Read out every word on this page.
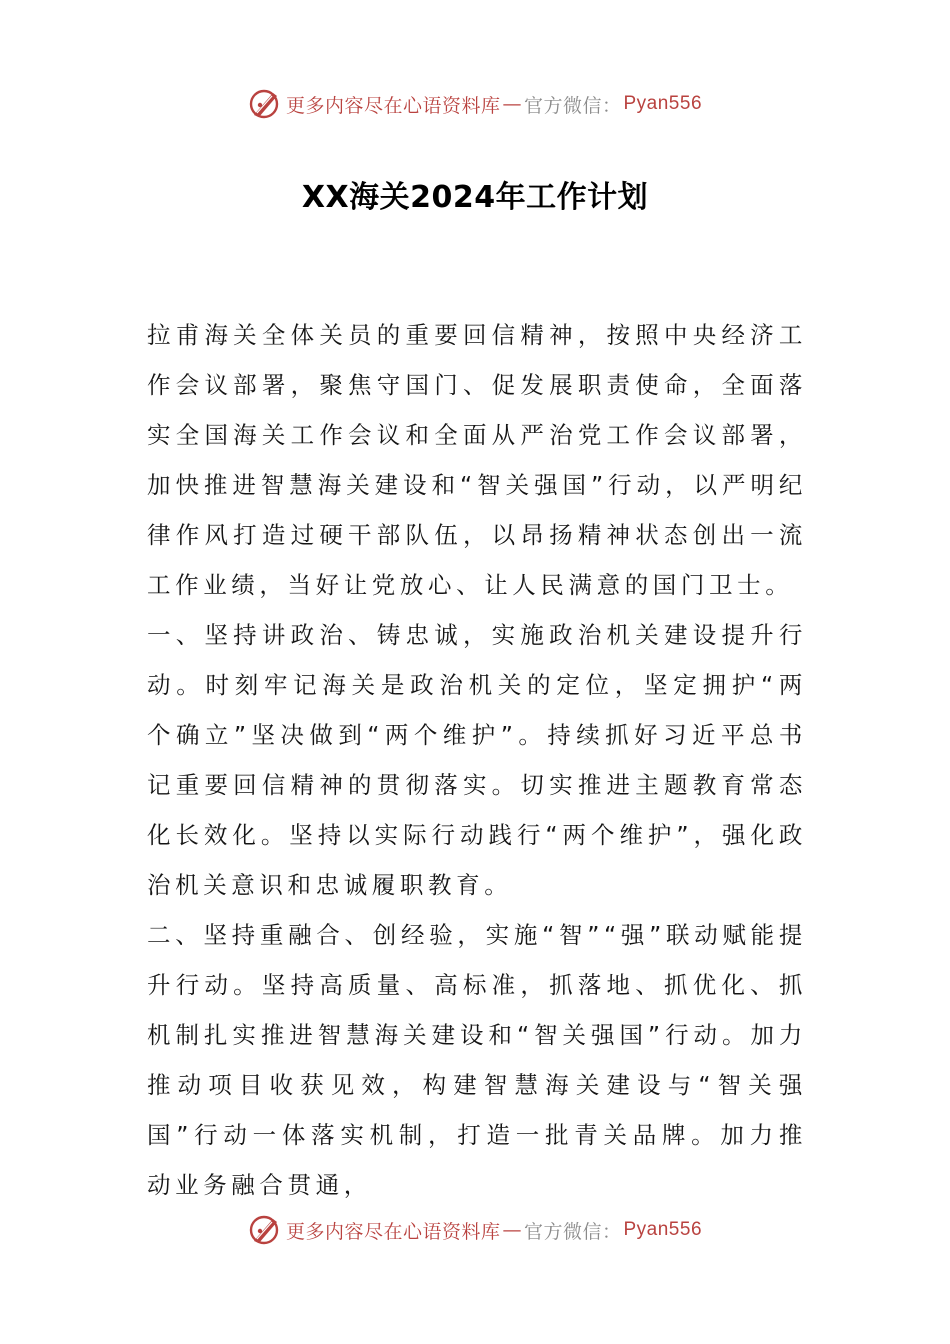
更多内容尽在心语资料库 — 官方微信： Pyan556
XX海关2024年工作计划

拉甫海关全体关员的重要回信精神，按照中央经济工作会议部署，聚焦守国门、促发展职责使命，全面落实全国海关工作会议和全面从严治党工作会议部署，加快推进智慧海关建设和“智关强国”行动，以严明纪律作风打造过硬干部队伍，以昂扬精神状态创出一流工作业绩，当好让党放心、让人民满意的国门卫士。

一、坚持讲政治、铸忠诚，实施政治机关建设提升行动。时刻牢记海关是政治机关的定位，坚定拥护“两个确立”坚决做到“两个维护”。持续抓好习近平总书记重要回信精神的贯彻落实。切实推进主题教育常态化长效化。坚持以实际行动践行“两个维护”，强化政治机关意识和忠诚履职教育。

二、坚持重融合、创经验，实施“智”“强”联动赋能提升行动。坚持高质量、高标准，抓落地、抓优化、抓机制扎实推进智慧海关建设和“智关强国”行动。加力推动项目收获见效，构建智慧海关建设与“智关强国”行动一体落实机制，打造一批青关品牌。加力推动业务融合贯通，

更多内容尽在心语资料库 — 官方微信： Pyan556
